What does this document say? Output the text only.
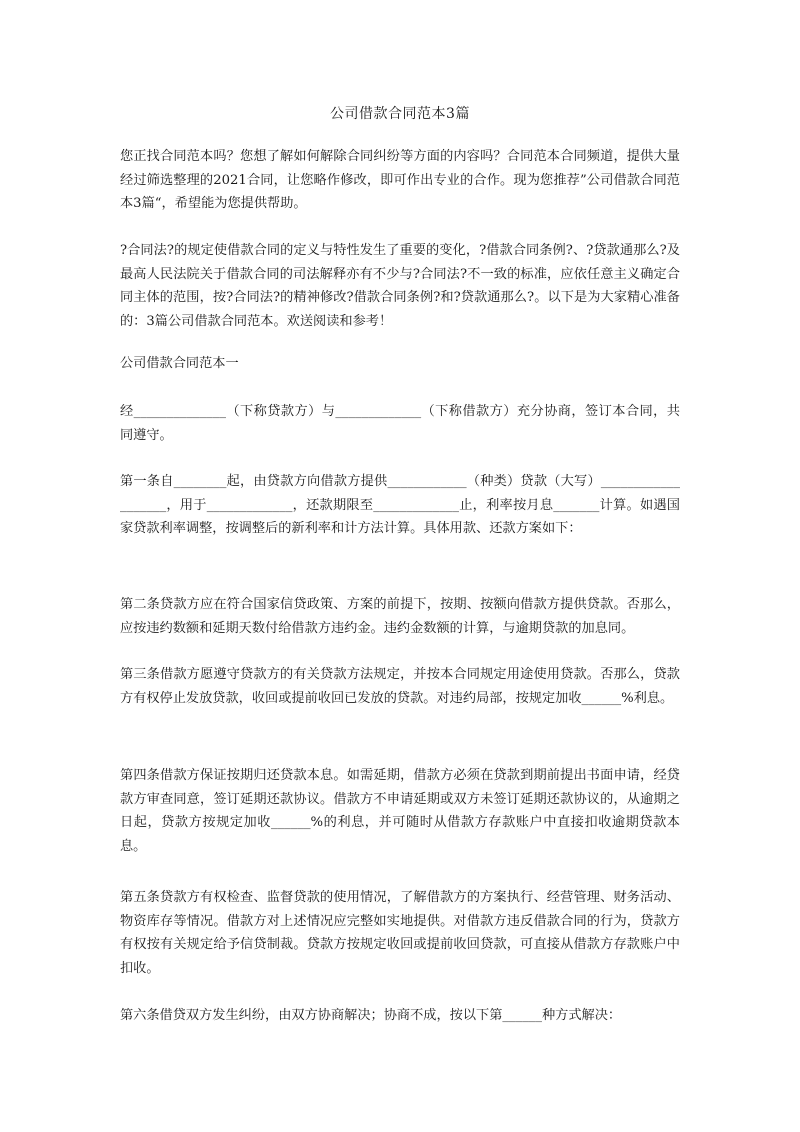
公司借款合同范本3篇

您正找合同范本吗？您想了解如何解除合同纠纷等方面的内容吗？合同范本合同频道，提供大量经过筛选整理的2021合同，让您略作修改，即可作出专业的合作。现为您推荐”公司借款合同范本3篇“，希望能为您提供帮助。

?合同法?的规定使借款合同的定义与特性发生了重要的变化，?借款合同条例?、?贷款通那么?及最高人民法院关于借款合同的司法解释亦有不少与?合同法?不一致的标准，应依任意主义确定合同主体的范围，按?合同法?的精神修改?借款合同条例?和?贷款通那么?。以下是为大家精心准备的：3篇公司借款合同范本。欢送阅读和参考！

公司借款合同范本一

经______________（下称贷款方）与_____________（下称借款方）充分协商，签订本合同，共同遵守。

第一条自________起，由贷款方向借款方提供____________（种类）贷款（大写）___________________，用于_____________，还款期限至_____________止，利率按月息_______计算。如遇国家贷款利率调整，按调整后的新利率和计方法计算。具体用款、还款方案如下：

第二条贷款方应在符合国家信贷政策、方案的前提下，按期、按额向借款方提供贷款。否那么，应按违约数额和延期天数付给借款方违约金。违约金数额的计算，与逾期贷款的加息同。

第三条借款方愿遵守贷款方的有关贷款方法规定，并按本合同规定用途使用贷款。否那么，贷款方有权停止发放贷款，收回或提前收回已发放的贷款。对违约局部，按规定加收______%利息。

第四条借款方保证按期归还贷款本息。如需延期，借款方必须在贷款到期前提出书面申请，经贷款方审查同意，签订延期还款协议。借款方不申请延期或双方未签订延期还款协议的，从逾期之日起，贷款方按规定加收______%的利息，并可随时从借款方存款账户中直接扣收逾期贷款本息。

第五条贷款方有权检查、监督贷款的使用情况，了解借款方的方案执行、经营管理、财务活动、物资库存等情况。借款方对上述情况应完整如实地提供。对借款方违反借款合同的行为，贷款方有权按有关规定给予信贷制裁。贷款方按规定收回或提前收回贷款，可直接从借款方存款账户中扣收。

第六条借贷双方发生纠纷，由双方协商解决；协商不成，按以下第______种方式解决：
